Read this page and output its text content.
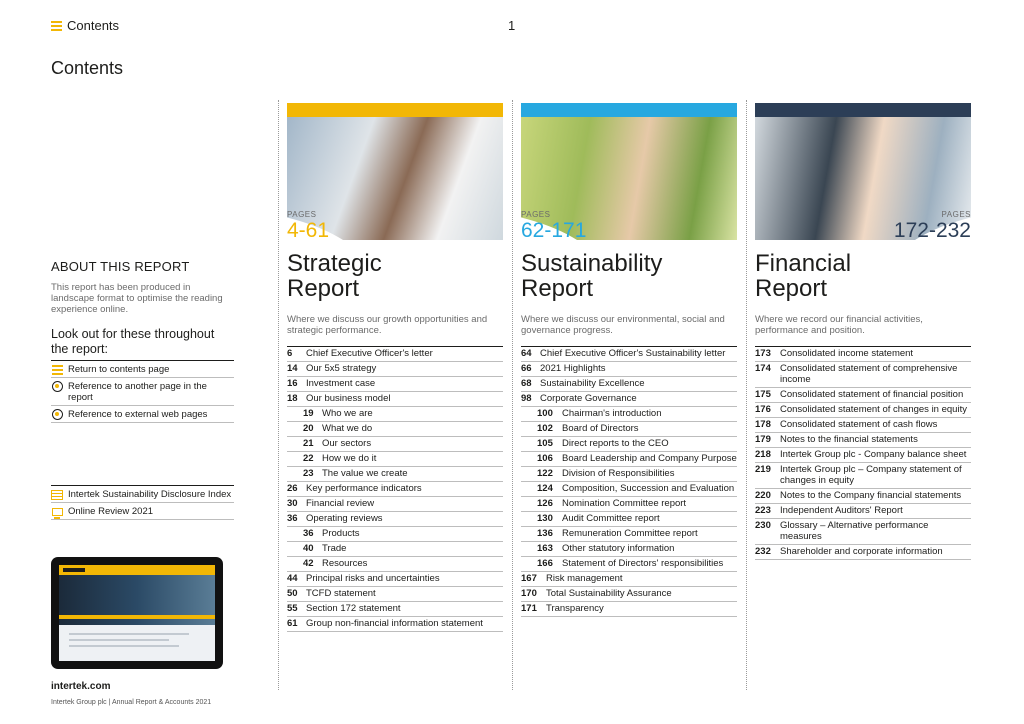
Contents	1
Contents
ABOUT THIS REPORT

This report has been produced in landscape format to optimise the reading experience online.

Look out for these throughout the report:
Return to contents page
Reference to another page in the report
Reference to external web pages
Intertek Sustainability Disclosure Index
Online Review 2021
intertek.com
Intertek Group plc | Annual Report & Accounts 2021
PAGES
4-61
Strategic
Report
Where we discuss our growth opportunities and strategic performance.
6	Chief Executive Officer's letter
14 Our 5x5 strategy
16 Investment case
18 Our business model
19 Who we are
20 What we do
21 Our sectors
22 How we do it
23 The value we create
26 Key performance indicators
30 Financial review
36 Operating reviews
36 Products
40 Trade
42 Resources
44 Principal risks and uncertainties
50 TCFD statement
55 Section 172 statement
61 Group non-financial information statement
PAGES
62-171
Sustainability
Report
Where we discuss our environmental, social and governance progress.
64 Chief Executive Officer's Sustainability letter
66 2021 Highlights
68 Sustainability Excellence
98 Corporate Governance
100 Chairman's introduction
102 Board of Directors
105 Direct reports to the CEO
106 Board Leadership and Company Purpose
122 Division of Responsibilities
124 Composition, Succession and Evaluation
126 Nomination Committee report
130 Audit Committee report
136 Remuneration Committee report
163 Other statutory information
166 Statement of Directors' responsibilities
167 Risk management
170 Total Sustainability Assurance
171 Transparency
PAGES
172-232
Financial
Report
Where we record our financial activities, performance and position.
173 Consolidated income statement
174 Consolidated statement of comprehensive income
175 Consolidated statement of financial position
176 Consolidated statement of changes in equity
178 Consolidated statement of cash flows
179 Notes to the financial statements
218 Intertek Group plc - Company balance sheet
219 Intertek Group plc – Company statement of changes in equity
220 Notes to the Company financial statements
223 Independent Auditors' Report
230 Glossary – Alternative performance measures
232 Shareholder and corporate information
